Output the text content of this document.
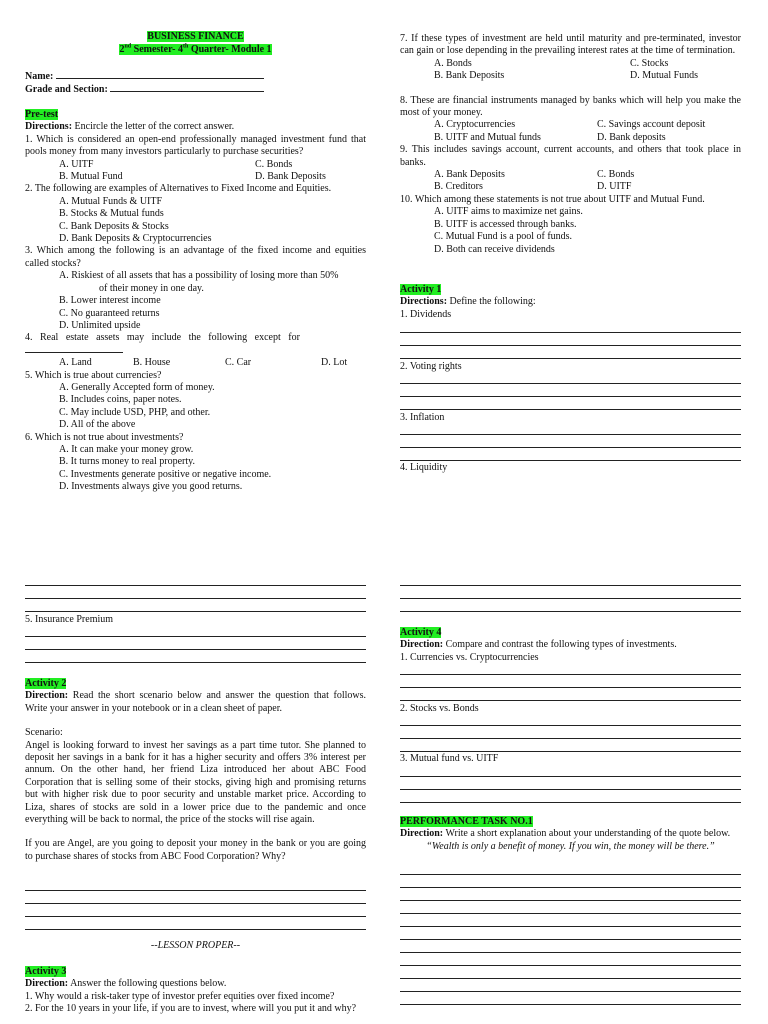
BUSINESS FINANCE
2nd Semester- 4th Quarter- Module 1
Name:
Grade and Section:

Pre-test

Directions: Encircle the letter of the correct answer.

1. Which is considered an open-end professionally managed investment fund that pools money from many investors particularly to purchase securities?

A. UITF	C. Bonds
B. Mutual Fund	D. Bank Deposits

2. The following are examples of Alternatives to Fixed Income and Equities.

A. Mutual Funds & UITF

B. Stocks & Mutual funds

C. Bank Deposits & Stocks

D. Bank Deposits & Cryptocurrencies

3. Which among the following is an advantage of the fixed income and equities called stocks?

A. Riskiest of all assets that has a possibility of losing more than 50%

of their money in one day.

B. Lower interest income

C. No guaranteed returns

D. Unlimited upside

4.   Real   estate   assets   may   include   the   following   except   for

A. Land	B. House	C. Car	D. Lot

5. Which is true about currencies?

A. Generally Accepted form of money.

B. Includes coins, paper notes.

C. May include USD, PHP, and other.

D. All of the above

6. Which is not true about investments?

A. It can make your money grow.

B. It turns money to real property.

C. Investments generate positive or negative income.

D. Investments always give you good returns.

5. Insurance Premium

Activity 2

Direction: Read the short scenario below and answer the question that follows. Write your answer in your notebook or in a clean sheet of paper.

Scenario:

Angel is looking forward to invest her savings as a part time tutor. She planned to deposit her savings in a bank for it has a higher security and offers 3% interest per annum. On the other hand, her friend Liza introduced her about ABC Food Corporation that is selling some of their stocks, giving high and promising returns but with higher risk due to poor security and unstable market price. According to Liza, shares of stocks are sold in a lower price due to the pandemic and once everything will be back to normal, the price of the stocks will rise again.

If you are Angel, are you going to deposit your money in the bank or you are going to purchase shares of stocks from ABC Food Corporation? Why?

--LESSON PROPER--

Activity 3

Direction: Answer the following questions below.

1. Why would a risk-taker type of investor prefer equities over fixed income?

2. For the 10 years in your life, if you are to invest, where will you put it and why?

7. If these types of investment are held until maturity and pre-terminated, investor can gain or lose depending in the prevailing interest rates at the time of termination.

A. Bonds	C. Stocks
B. Bank Deposits	D. Mutual Funds

8. These are financial instruments managed by banks which will help you make the most of your money.

A. Cryptocurrencies	C. Savings account deposit
B. UITF and Mutual funds	D. Bank deposits

9. This includes savings account, current accounts, and others that took place in banks.

A. Bank Deposits	C. Bonds
B. Creditors	D. UITF

10. Which among these statements is not true about UITF and Mutual Fund.

A. UITF aims to maximize net gains.

B. UITF is accessed through banks.

C. Mutual Fund is a pool of funds.

D. Both can receive dividends

Activity 1

Directions: Define the following:

1. Dividends

2. Voting rights
3. Inflation
4. Liquidity

Activity 4

Direction: Compare and contrast the following types of investments.

1. Currencies vs. Cryptocurrencies

2. Stocks vs. Bonds
3. Mutual fund vs. UITF

PERFORMANCE TASK NO.1

Direction: Write a short explanation about your understanding of the quote below.

“Wealth is only a benefit of money. If you win, the money will be there.”
